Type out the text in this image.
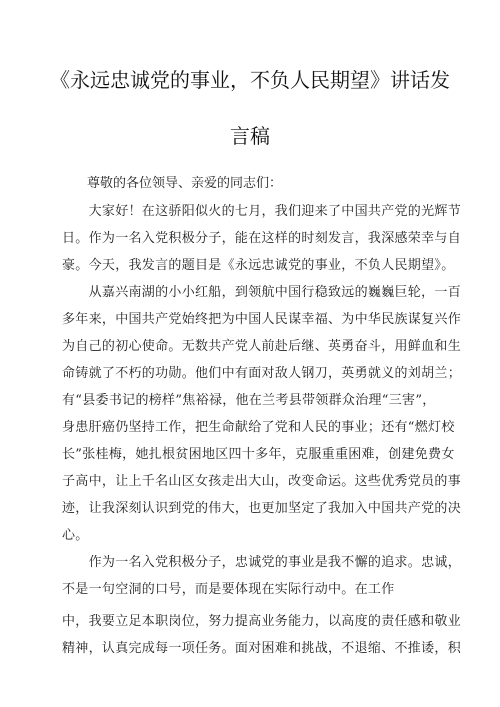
《永远忠诚党的事业，不负人民期望》讲话发
言稿

尊敬的各位领导、亲爱的同志们：

　　大家好！在这骄阳似火的七月，我们迎来了中国共产党的光辉节

日。作为一名入党积极分子，能在这样的时刻发言，我深感荣幸与自

豪。今天，我发言的题目是《永远忠诚党的事业，不负人民期望》。

　　从嘉兴南湖的小小红船，到领航中国行稳致远的巍巍巨轮，一百

多年来，中国共产党始终把为中国人民谋幸福、为中华民族谋复兴作

为自己的初心使命。无数共产党人前赴后继、英勇奋斗，用鲜血和生

命铸就了不朽的功勋。他们中有面对敌人钢刀，英勇就义的刘胡兰；

有“县委书记的榜样”焦裕禄，他在兰考县带领群众治理“三害”，

身患肝癌仍坚持工作，把生命献给了党和人民的事业；还有“燃灯校

长”张桂梅，她扎根贫困地区四十多年，克服重重困难，创建免费女

子高中，让上千名山区女孩走出大山，改变命运。这些优秀党员的事

迹，让我深刻认识到党的伟大，也更加坚定了我加入中国共产党的决

心。

　　作为一名入党积极分子，忠诚党的事业是我不懈的追求。忠诚，

不是一句空洞的口号，而是要体现在实际行动中。在工作

中，我要立足本职岗位，努力提高业务能力，以高度的责任感和敬业

精神，认真完成每一项任务。面对困难和挑战，不退缩、不推诿，积
